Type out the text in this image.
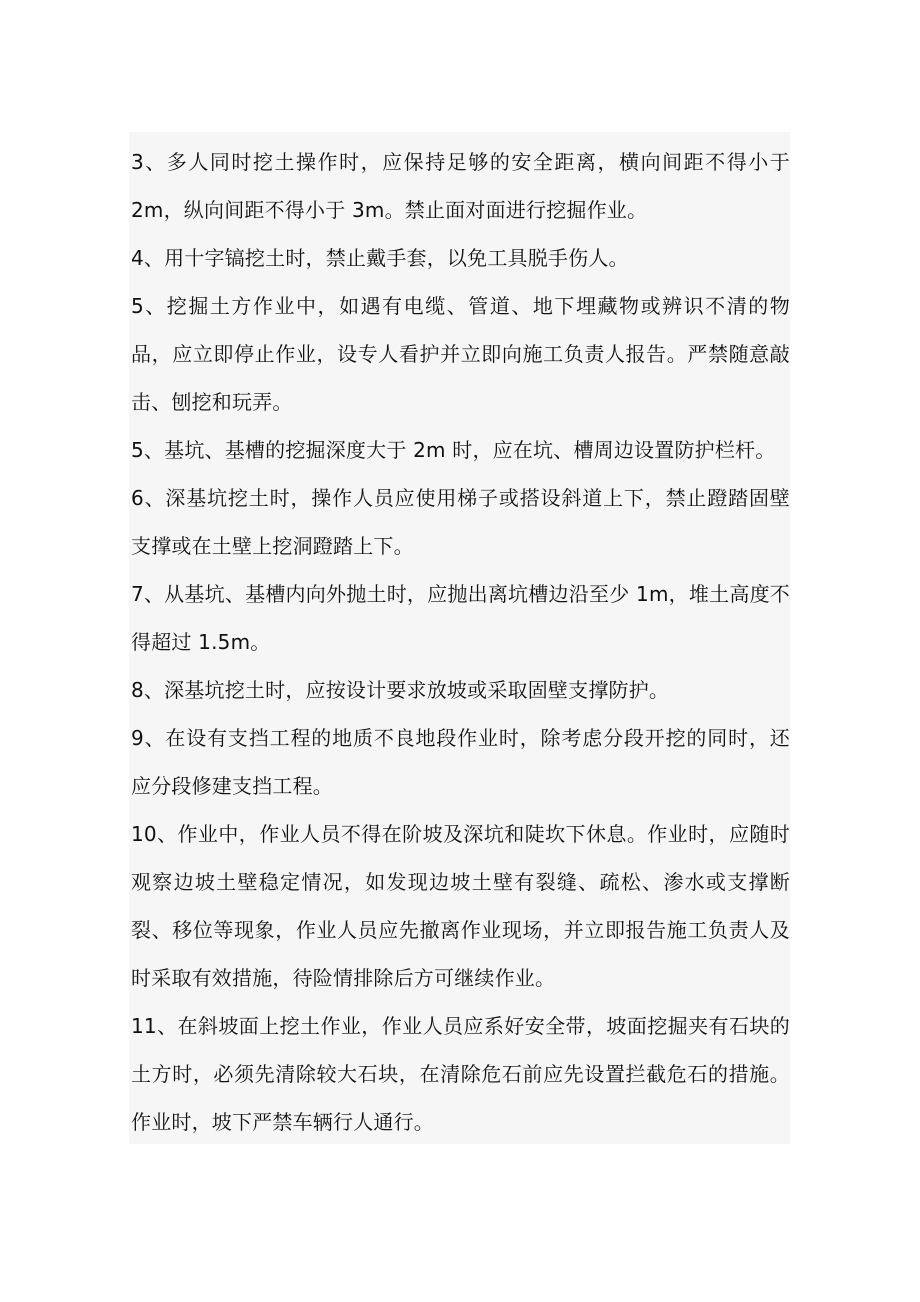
3、多人同时挖土操作时，应保持足够的安全距离，横向间距不得小于2m，纵向间距不得小于 3m。禁止面对面进行挖掘作业。

4、用十字镐挖土时，禁止戴手套，以免工具脱手伤人。

5、挖掘土方作业中，如遇有电缆、管道、地下埋藏物或辨识不清的物品，应立即停止作业，设专人看护并立即向施工负责人报告。严禁随意敲击、刨挖和玩弄。

5、基坑、基槽的挖掘深度大于 2m 时，应在坑、槽周边设置防护栏杆。

6、深基坑挖土时，操作人员应使用梯子或搭设斜道上下，禁止蹬踏固壁支撑或在土壁上挖洞蹬踏上下。

7、从基坑、基槽内向外抛土时，应抛出离坑槽边沿至少 1m，堆土高度不得超过 1.5m。

8、深基坑挖土时，应按设计要求放坡或采取固壁支撑防护。

9、在设有支挡工程的地质不良地段作业时，除考虑分段开挖的同时，还应分段修建支挡工程。

10、作业中，作业人员不得在阶坡及深坑和陡坎下休息。作业时，应随时观察边坡土壁稳定情况，如发现边坡土壁有裂缝、疏松、渗水或支撑断裂、移位等现象，作业人员应先撤离作业现场，并立即报告施工负责人及时采取有效措施，待险情排除后方可继续作业。

11、在斜坡面上挖土作业，作业人员应系好安全带，坡面挖掘夹有石块的土方时，必须先清除较大石块，在清除危石前应先设置拦截危石的措施。作业时，坡下严禁车辆行人通行。
